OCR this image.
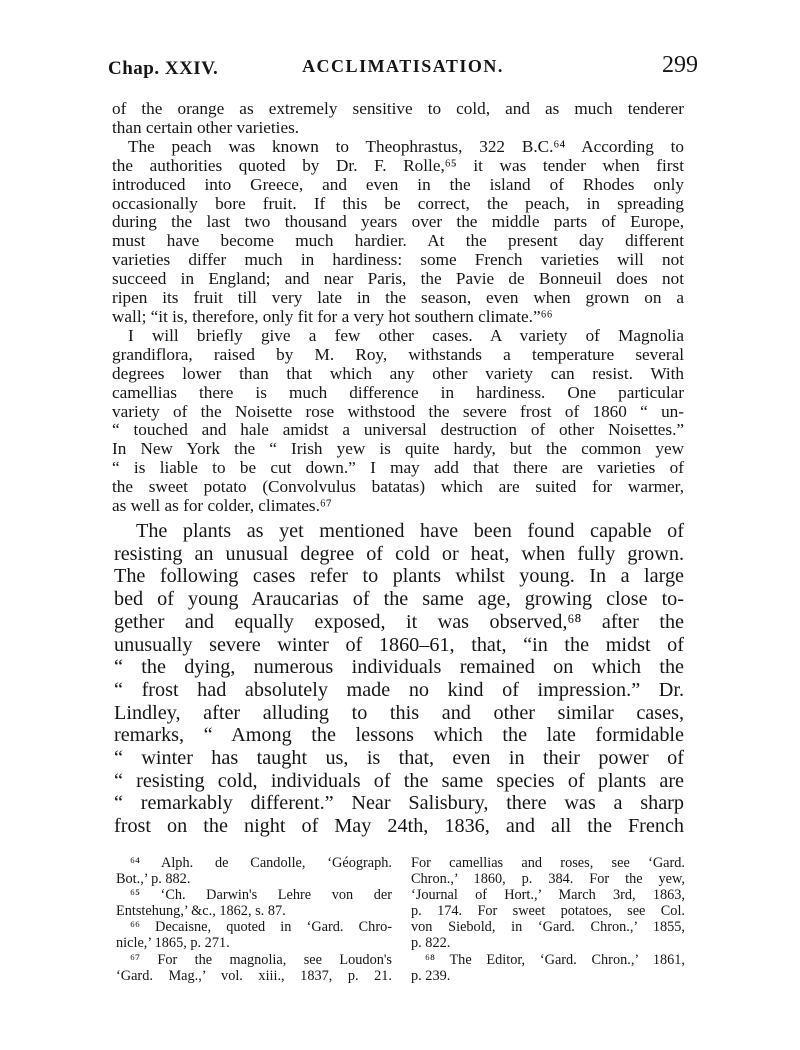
Chap. XXIV.	ACCLIMATISATION.	299
of the orange as extremely sensitive to cold, and as much tenderer
than certain other varieties.
The peach was known to Theophrastus, 322 B.C.⁶⁴ According to
the authorities quoted by Dr. F. Rolle,⁶⁵ it was tender when first
introduced into Greece, and even in the island of Rhodes only
occasionally bore fruit. If this be correct, the peach, in spreading
during the last two thousand years over the middle parts of Europe,
must have become much hardier. At the present day different
varieties differ much in hardiness: some French varieties will not
succeed in England; and near Paris, the Pavie de Bonneuil does not
ripen its fruit till very late in the season, even when grown on a
wall; “it is, therefore, only fit for a very hot southern climate.”⁶⁶
I will briefly give a few other cases. A variety of Magnolia
grandiflora, raised by M. Roy, withstands a temperature several
degrees lower than that which any other variety can resist. With
camellias there is much difference in hardiness. One particular
variety of the Noisette rose withstood the severe frost of 1860 “ un-
“ touched and hale amidst a universal destruction of other Noisettes.”
In New York the “ Irish yew is quite hardy, but the common yew
“ is liable to be cut down.” I may add that there are varieties of
the sweet potato (Convolvulus batatas) which are suited for warmer,
as well as for colder, climates.⁶⁷
The plants as yet mentioned have been found capable of
resisting an unusual degree of cold or heat, when fully grown.
The following cases refer to plants whilst young. In a large
bed of young Araucarias of the same age, growing close to-
gether and equally exposed, it was observed,⁶⁸ after the
unusually severe winter of 1860–61, that, “in the midst of
“ the dying, numerous individuals remained on which the
“ frost had absolutely made no kind of impression.” Dr.
Lindley, after alluding to this and other similar cases,
remarks, “ Among the lessons which the late formidable
“ winter has taught us, is that, even in their power of
“ resisting cold, individuals of the same species of plants are
“ remarkably different.” Near Salisbury, there was a sharp
frost on the night of May 24th, 1836, and all the French
⁶⁴ Alph. de Candolle, ‘Géograph.
Bot.,’ p. 882.
⁶⁵ ‘Ch. Darwin's Lehre von der
Entstehung,’ &c., 1862, s. 87.
⁶⁶ Decaisne, quoted in ‘Gard. Chro-
nicle,’ 1865, p. 271.
⁶⁷ For the magnolia, see Loudon's
‘Gard. Mag.,’ vol. xiii., 1837, p. 21.
For camellias and roses, see ‘Gard.
Chron.,’ 1860, p. 384. For the yew,
‘Journal of Hort.,’ March 3rd, 1863,
p. 174. For sweet potatoes, see Col.
von Siebold, in ‘Gard. Chron.,’ 1855,
p. 822.
⁶⁸ The Editor, ‘Gard. Chron.,’ 1861,
p. 239.
